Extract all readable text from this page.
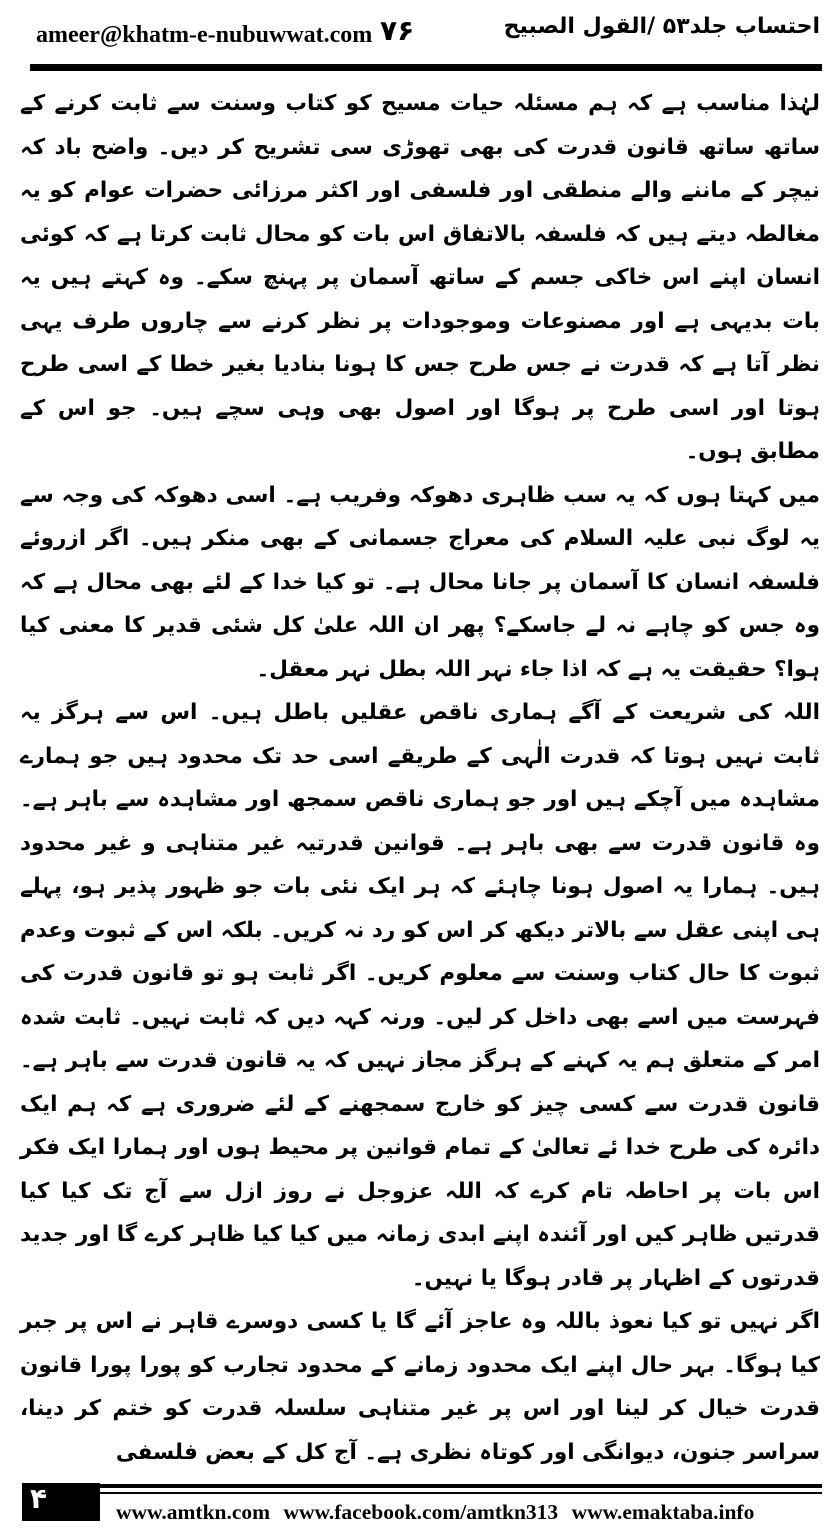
ameer@khatm-e-nubuwwat.com ۷۶	احتساب جلد۵۳ /القول الصبیح

لہٰذا مناسب ہے کہ ہم مسئلہ حیات مسیح کو کتاب وسنت سے ثابت کرنے کے ساتھ ساتھ قانون قدرت کی بھی تھوڑی سی تشریح کر دیں۔ واضح باد کہ نیچر کے ماننے والے منطقی اور فلسفی اور اکثر مرزائی حضرات عوام کو یہ مغالطہ دیتے ہیں کہ فلسفہ بالاتفاق اس بات کو محال ثابت کرتا ہے کہ کوئی انسان اپنے اس خاکی جسم کے ساتھ آسمان پر پہنچ سکے۔ وہ کہتے ہیں یہ بات بدیہی ہے اور مصنوعات وموجودات پر نظر کرنے سے چاروں طرف یہی نظر آتا ہے کہ قدرت نے جس طرح جس کا ہونا بنادیا بغیر خطا کے اسی طرح ہوتا اور اسی طرح پر ہوگا اور اصول بھی وہی سچے ہیں۔ جو اس کے مطابق ہوں۔

میں کہتا ہوں کہ یہ سب ظاہری دھوکہ وفریب ہے۔ اسی دھوکہ کی وجہ سے یہ لوگ نبی علیہ السلام کی معراج جسمانی کے بھی منکر ہیں۔ اگر ازروئے فلسفہ انسان کا آسمان پر جانا محال ہے۔ تو کیا خدا کے لئے بھی محال ہے کہ وہ جس کو چاہے نہ لے جاسکے؟ پھر ان اللہ علیٰ کل شئی قدیر کا معنی کیا ہوا؟ حقیقت یہ ہے کہ اذا جاء نہر اللہ بطل نہر معقل۔

اللہ کی شریعت کے آگے ہماری ناقص عقلیں باطل ہیں۔ اس سے ہرگز یہ ثابت نہیں ہوتا کہ قدرت الٰہی کے طریقے اسی حد تک محدود ہیں جو ہمارے مشاہدہ میں آچکے ہیں اور جو ہماری ناقص سمجھ اور مشاہدہ سے باہر ہے۔ وہ قانون قدرت سے بھی باہر ہے۔ قوانین قدرتیہ غیر متناہی و غیر محدود ہیں۔ ہمارا یہ اصول ہونا چاہئے کہ ہر ایک نئی بات جو ظہور پذیر ہو، پہلے ہی اپنی عقل سے بالاتر دیکھ کر اس کو رد نہ کریں۔ بلکہ اس کے ثبوت وعدم ثبوت کا حال کتاب وسنت سے معلوم کریں۔ اگر ثابت ہو تو قانون قدرت کی فہرست میں اسے بھی داخل کر لیں۔ ورنہ کہہ دیں کہ ثابت نہیں۔ ثابت شدہ امر کے متعلق ہم یہ کہنے کے ہرگز مجاز نہیں کہ یہ قانون قدرت سے باہر ہے۔ قانون قدرت سے کسی چیز کو خارج سمجھنے کے لئے ضروری ہے کہ ہم ایک دائرہ کی طرح خدا ئے تعالیٰ کے تمام قوانین پر محیط ہوں اور ہمارا ایک فکر اس بات پر احاطہ تام کرے کہ اللہ عزوجل نے روز ازل سے آج تک کیا کیا قدرتیں ظاہر کیں اور آئندہ اپنے ابدی زمانہ میں کیا کیا ظاہر کرے گا اور جدید قدرتوں کے اظہار پر قادر ہوگا یا نہیں۔

اگر نہیں تو کیا نعوذ باللہ وہ عاجز آئے گا یا کسی دوسرے قاہر نے اس پر جبر کیا ہوگا۔ بہر حال اپنے ایک محدود زمانے کے محدود تجارب کو پورا پورا قانون قدرت خیال کر لینا اور اس پر غیر متناہی سلسلہ قدرت کو ختم کر دینا، سراسر جنون، دیوانگی اور کوتاہ نظری ہے۔ آج کل کے بعض فلسفی

۴	www.amtkn.com www.facebook.com/amtkn313 www.emaktaba.info
